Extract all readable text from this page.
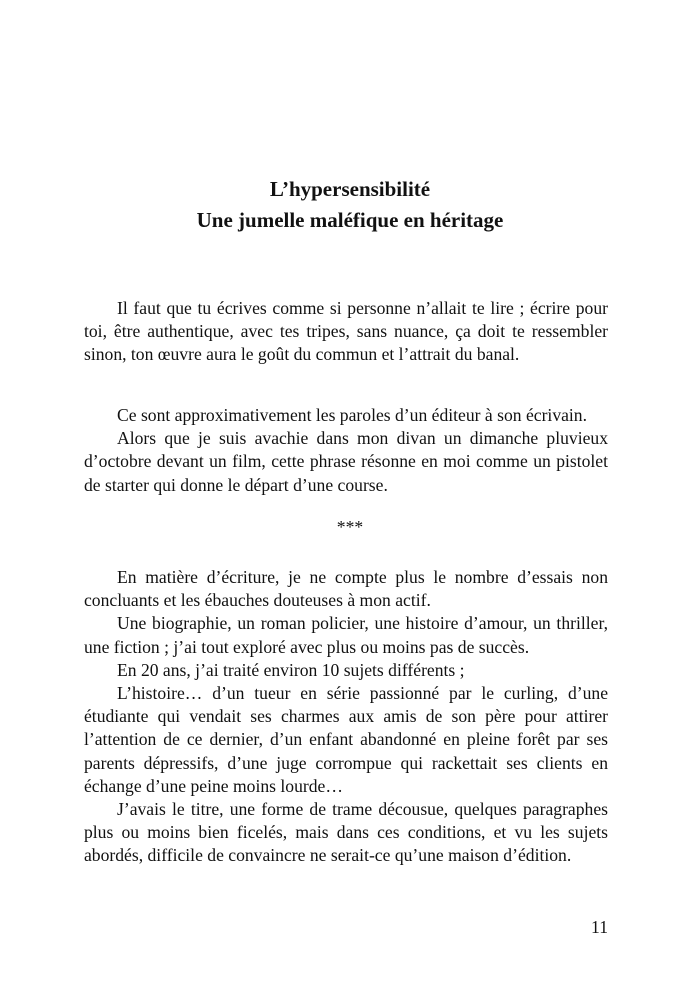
L’hypersensibilité
Une jumelle maléfique en héritage

Il faut que tu écrives comme si personne n’allait te lire ; écrire pour toi, être authentique, avec tes tripes, sans nuance, ça doit te ressembler sinon, ton œuvre aura le goût du commun et l’attrait du banal.

Ce sont approximativement les paroles d’un éditeur à son écrivain.

Alors que je suis avachie dans mon divan un dimanche pluvieux d’octobre devant un film, cette phrase résonne en moi comme un pistolet de starter qui donne le départ d’une course.

***

En matière d’écriture, je ne compte plus le nombre d’essais non concluants et les ébauches douteuses à mon actif.

Une biographie, un roman policier, une histoire d’amour, un thriller, une fiction ; j’ai tout exploré avec plus ou moins pas de succès.

En 20 ans, j’ai traité environ 10 sujets différents ;

L’histoire… d’un tueur en série passionné par le curling, d’une étudiante qui vendait ses charmes aux amis de son père pour attirer l’attention de ce dernier, d’un enfant abandonné en pleine forêt par ses parents dépressifs, d’une juge corrompue qui rackettait ses clients en échange d’une peine moins lourde…

J’avais le titre, une forme de trame décousue, quelques paragraphes plus ou moins bien ficelés, mais dans ces conditions, et vu les sujets abordés, difficile de convaincre ne serait-ce qu’une maison d’édition.

11
